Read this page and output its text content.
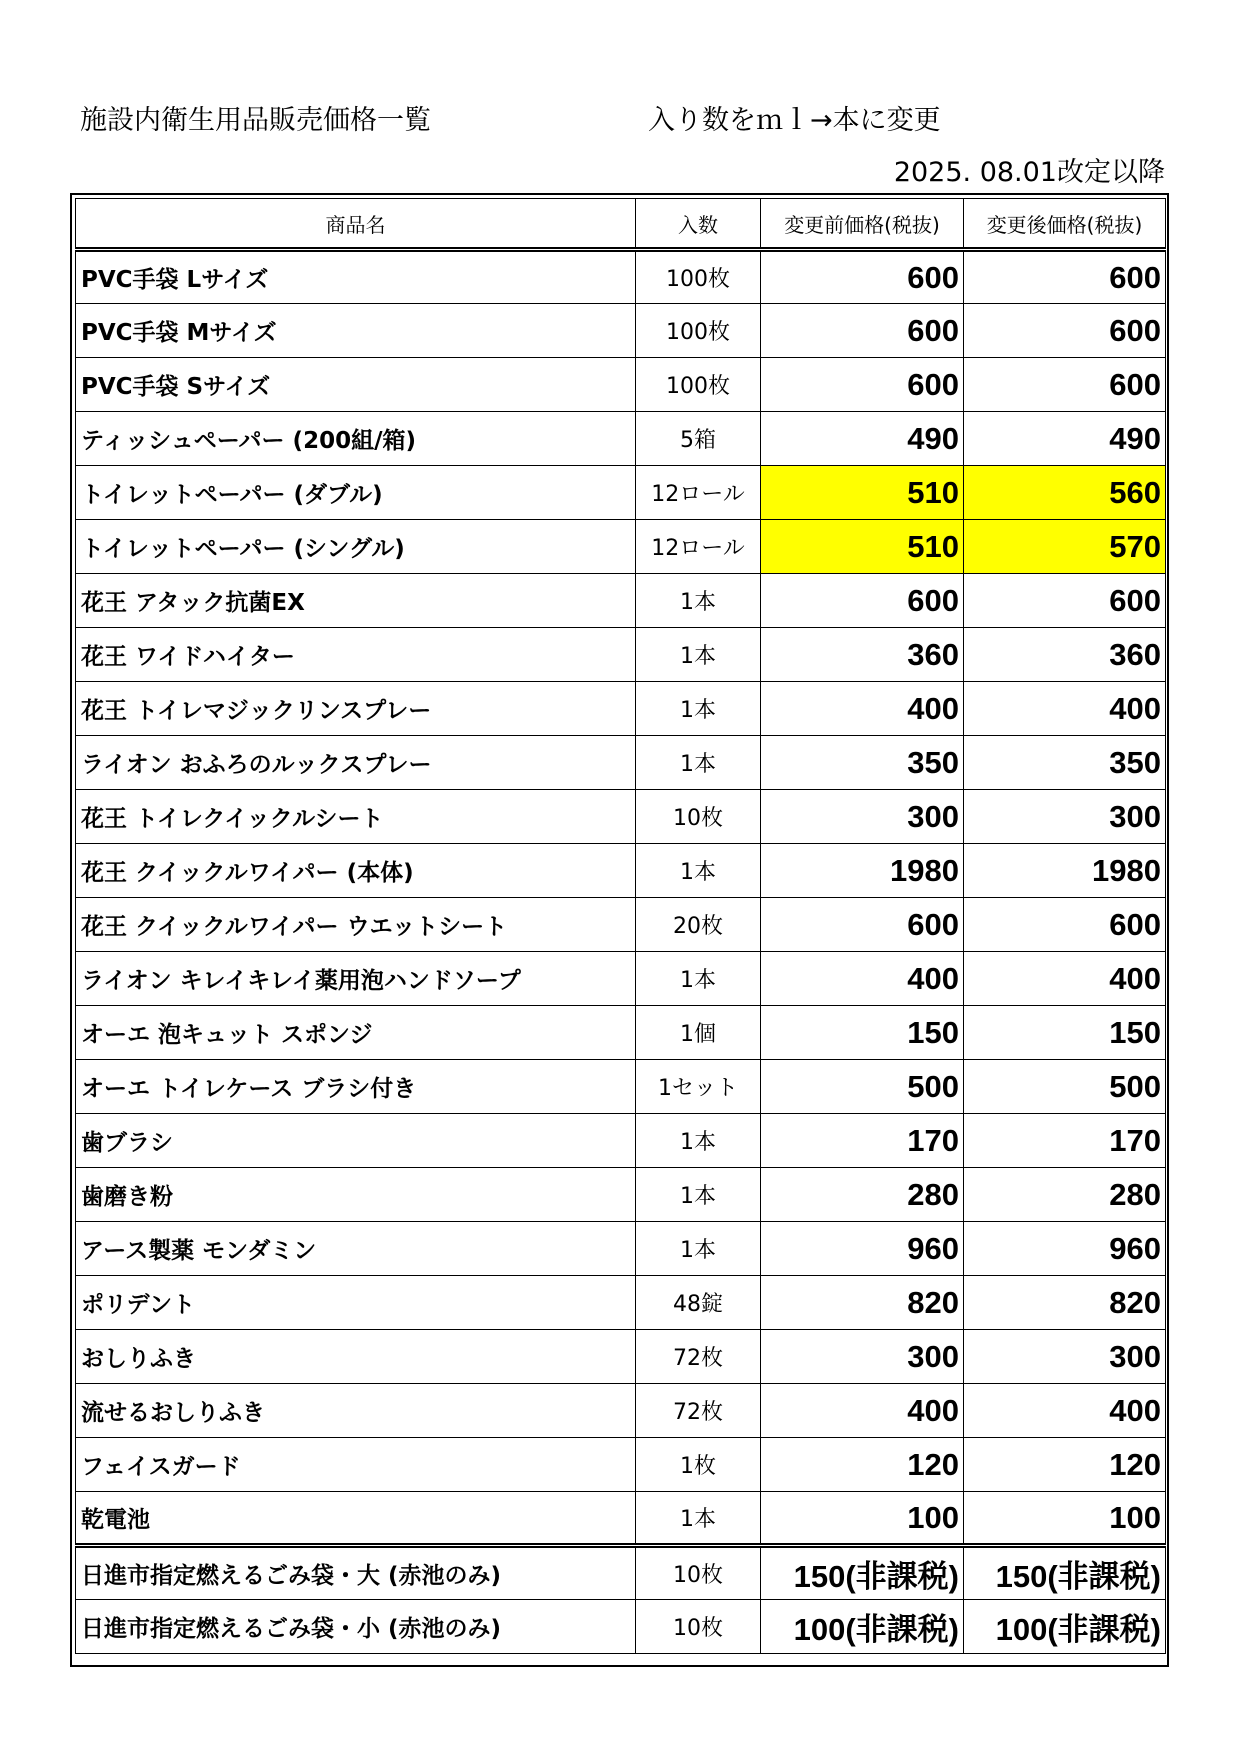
施設内衛生用品販売価格一覧	入り数をｍｌ→本に変更
2025. 08.01改定以降
商品名	入数	変更前価格(税抜)	変更後価格(税抜)
PVC手袋 Lサイズ	100枚	600	600
PVC手袋 Mサイズ	100枚	600	600
PVC手袋 Sサイズ	100枚	600	600
ティッシュペーパー (200組/箱)	5箱	490	490
トイレットペーパー (ダブル)	12ロール	510	560
トイレットペーパー (シングル)	12ロール	510	570
花王 アタック抗菌EX	1本	600	600
花王 ワイドハイター	1本	360	360
花王 トイレマジックリンスプレー	1本	400	400
ライオン おふろのルックスプレー	1本	350	350
花王 トイレクイックルシート	10枚	300	300
花王 クイックルワイパー (本体)	1本	1980	1980
花王 クイックルワイパー ウエットシート	20枚	600	600
ライオン キレイキレイ薬用泡ハンドソープ	1本	400	400
オーエ 泡キュット スポンジ	1個	150	150
オーエ トイレケース ブラシ付き	1セット	500	500
歯ブラシ	1本	170	170
歯磨き粉	1本	280	280
アース製薬 モンダミン	1本	960	960
ポリデント	48錠	820	820
おしりふき	72枚	300	300
流せるおしりふき	72枚	400	400
フェイスガード	1枚	120	120
乾電池	1本	100	100
日進市指定燃えるごみ袋・大 (赤池のみ)	10枚	150(非課税)	150(非課税)
日進市指定燃えるごみ袋・小 (赤池のみ)	10枚	100(非課税)	100(非課税)
